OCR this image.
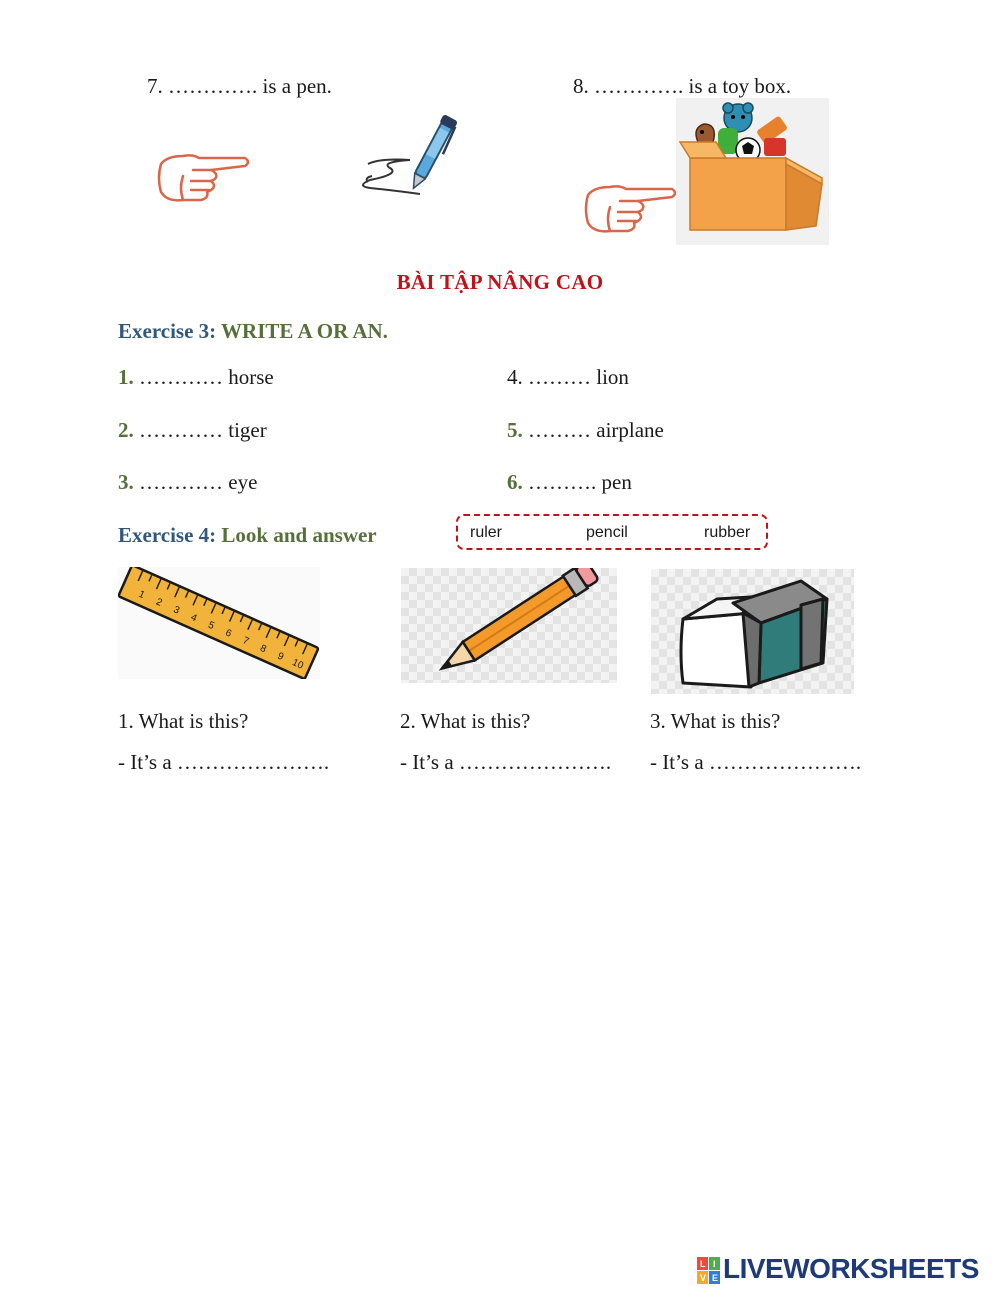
7. …………. is a pen.	8. …………. is a toy box.
BÀI TẬP NÂNG CAO
Exercise 3: WRITE A OR AN.
1. ………… horse
2. ………… tiger
3. ………… eye
4. ……… lion
5. ……… airplane
6. ………. pen
Exercise 4: Look and answer	ruler	pencil	rubber
1
2
3
4
5
6
7
8
9
10
1. What is this?	2. What is this?	3. What is this?
- It’s a ………………….	- It’s a …………………. - It’s a ………………….
L I
V E LIVEWORKSHEETS
